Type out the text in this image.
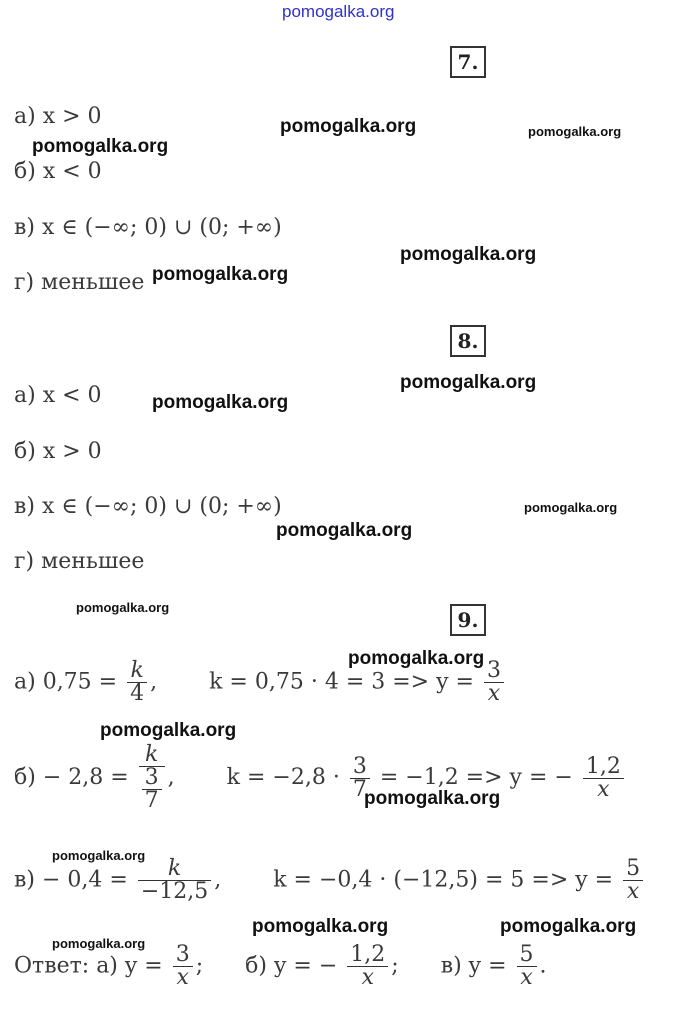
pomogalka.org
7.
а) x > 0
б) x < 0
в) x ∈ (−∞; 0) ∪ (0; +∞)
г) меньшее
8.
а) x < 0
б) x > 0
в) x ∈ (−∞; 0) ∪ (0; +∞)
г) меньшее
9.
а) $0,75 = \frac{k}{4}$ , $k = 0,75 \cdot 4 = 3 => y = \frac{3}{x}$
$б) - 2,8 = \frac{k}{\frac{3}{7}}$ , $k = -2,8 \cdot \frac{3}{7} = -1,2 => y$ = − $\frac{1,2}{x}$
$в) - 0,4 = \frac{k}{-12,5}$ , $k = -0,4 \cdot (-12,5) = 5 => y = \frac{5}{x}$
Ответ: а) $y = \frac{3}{x}$ ; б) y = − $\frac{1,2}{x}$ ; в) $y = \frac{5}{x}$ .
pomogalka.org	pomogalka.org
pomogalka.org
pomogalka.org
pomogalka.org
pomogalka.org
pomogalka.org
pomogalka.org
pomogalka.org
pomogalka.org
pomogalka.org
pomogalka.org
pomogalka.org
pomogalka.org
pomogalka.org	pomogalka.org
pomogalka.org
